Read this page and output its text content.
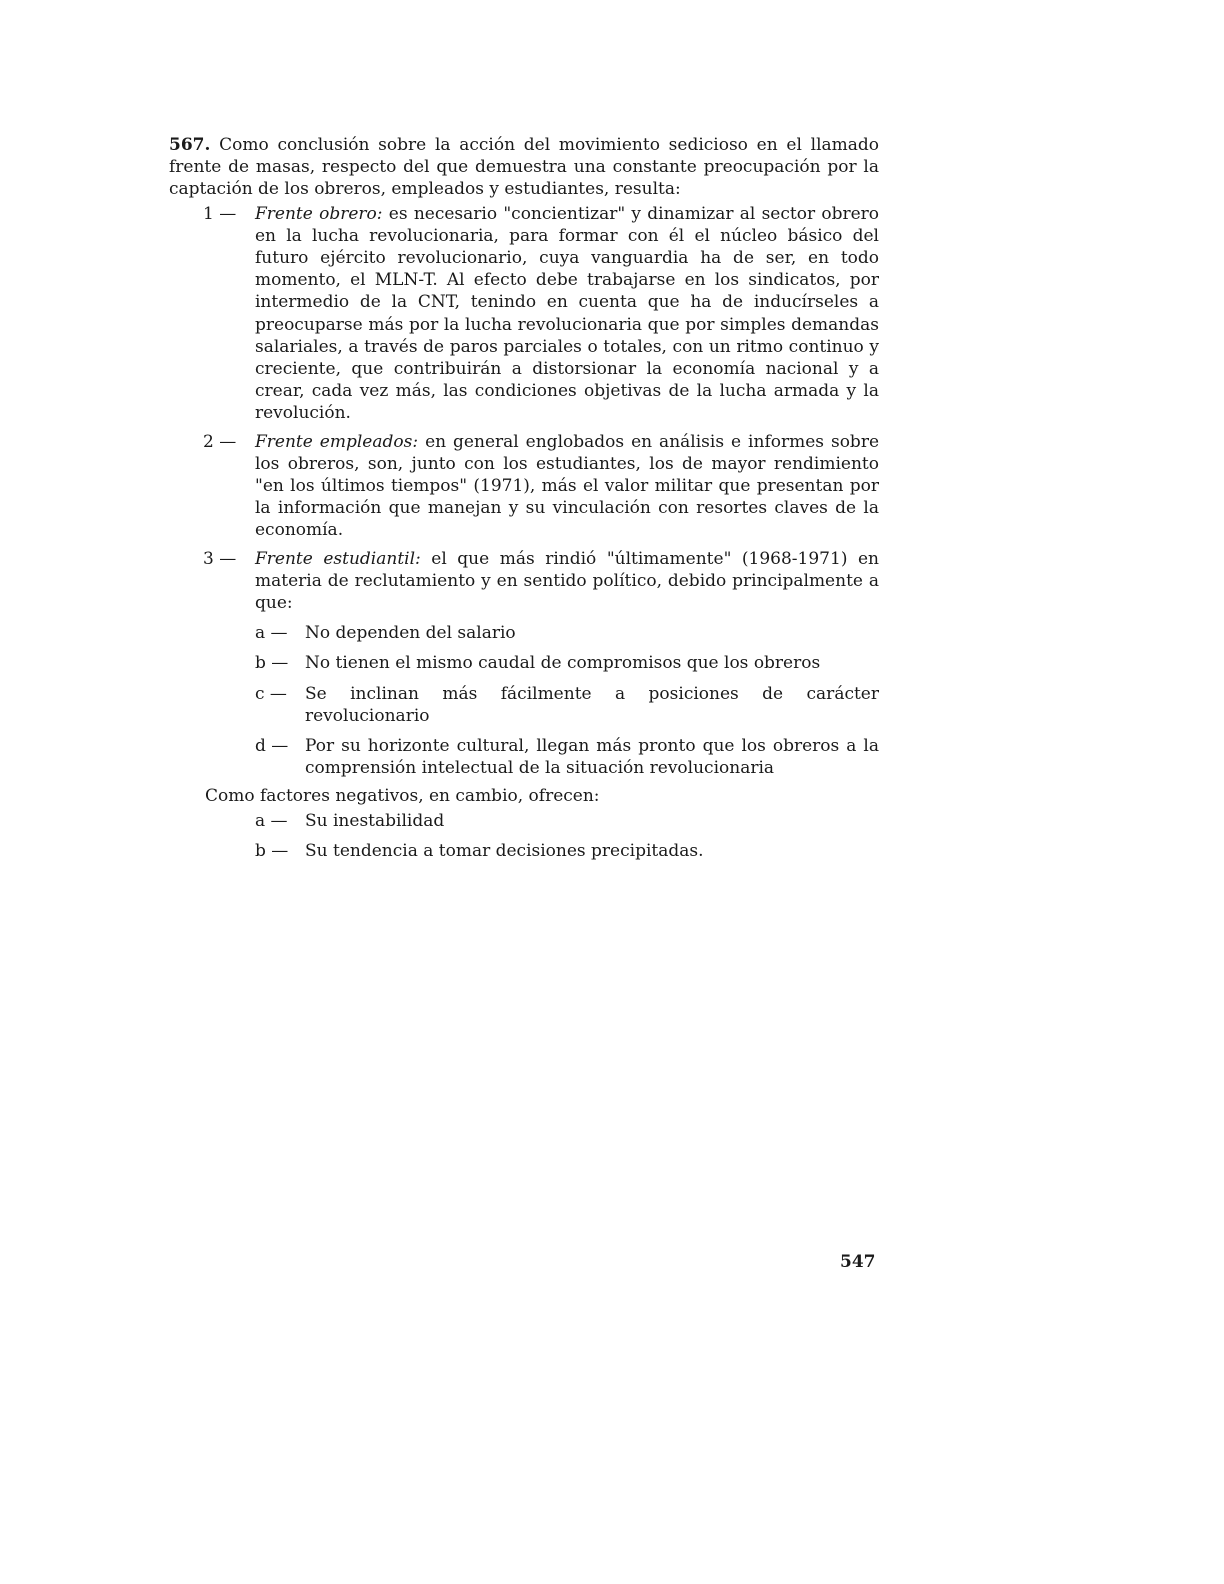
567. Como conclusión sobre la acción del movimiento sedicioso en el llamado frente de masas, respecto del que demuestra una constante preocupación por la captación de los obreros, empleados y estudiantes, resulta:

1 — Frente obrero: es necesario "concientizar" y dinamizar al sector obrero en la lucha revolucionaria, para formar con él el núcleo básico del futuro ejército revolucionario, cuya vanguardia ha de ser, en todo momento, el MLN-T. Al efecto debe trabajarse en los sindicatos, por intermedio de la CNT, tenindo en cuenta que ha de inducírseles a preocuparse más por la lucha revolucionaria que por simples demandas salariales, a través de paros parciales o totales, con un ritmo continuo y creciente, que contribuirán a distorsionar la economía nacional y a crear, cada vez más, las condiciones objetivas de la lucha armada y la revolución.
2 — Frente empleados: en general englobados en análisis e informes sobre los obreros, son, junto con los estudiantes, los de mayor rendimiento "en los últimos tiempos" (1971), más el valor militar que presentan por la información que manejan y su vinculación con resortes claves de la economía.
3 — Frente estudiantil: el que más rindió "últimamente" (1968-1971) en materia de reclutamiento y en sentido político, debido principalmente a que:
a — No dependen del salario
b — No tienen el mismo caudal de compromisos que los obreros
c — Se inclinan más fácilmente a posiciones de carácter revolucionario
d — Por su horizonte cultural, llegan más pronto que los obreros a la comprensión intelectual de la situación revolucionaria

Como factores negativos, en cambio, ofrecen:

a — Su inestabilidad
b — Su tendencia a tomar decisiones precipitadas.
547
